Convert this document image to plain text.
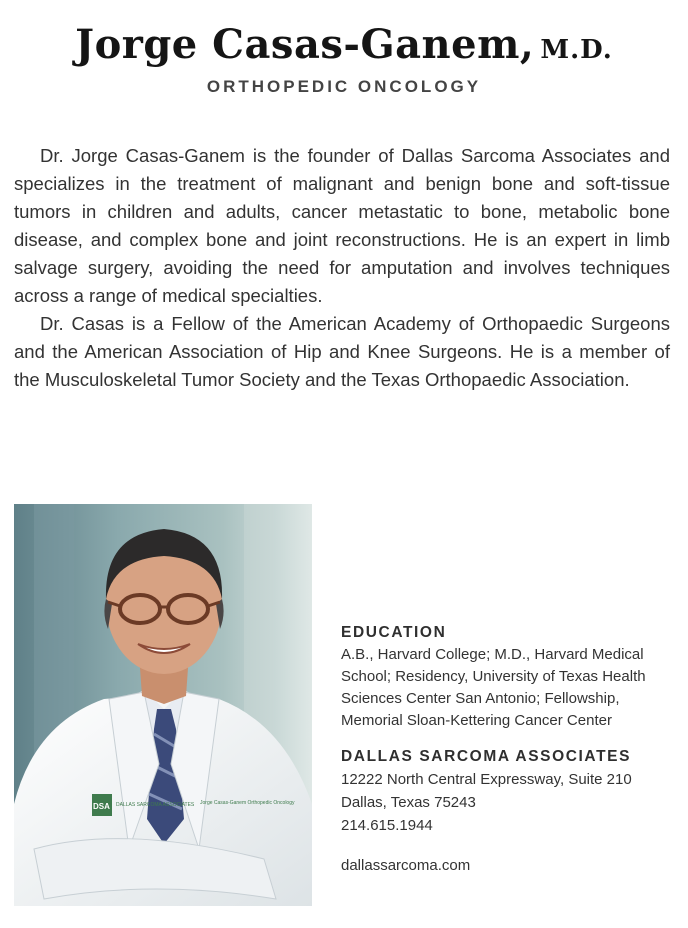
Jorge Casas-Ganem, M.D.
ORTHOPEDIC ONCOLOGY

Dr. Jorge Casas-Ganem is the founder of Dallas Sarcoma Associates and specializes in the treatment of malignant and benign bone and soft-tissue tumors in children and adults, cancer metastatic to bone, metabolic bone disease, and complex bone and joint reconstructions. He is an expert in limb salvage surgery, avoiding the need for amputation and involves techniques across a range of medical specialties.

Dr. Casas is a Fellow of the American Academy of Orthopaedic Surgeons and the American Association of Hip and Knee Surgeons. He is a member of the Musculoskeletal Tumor Society and the Texas Orthopaedic Association.

DSA DALLAS SARCOMA ASSOCIATES Jorge Casas-Ganem Orthopedic Oncology
EDUCATION
A.B., Harvard College; M.D., Harvard Medical School; Residency, University of Texas Health Sciences Center San Antonio; Fellowship, Memorial Sloan-Kettering Cancer Center
DALLAS SARCOMA ASSOCIATES
12222 North Central Expressway, Suite 210
Dallas, Texas 75243
214.615.1944
dallassarcoma.com
